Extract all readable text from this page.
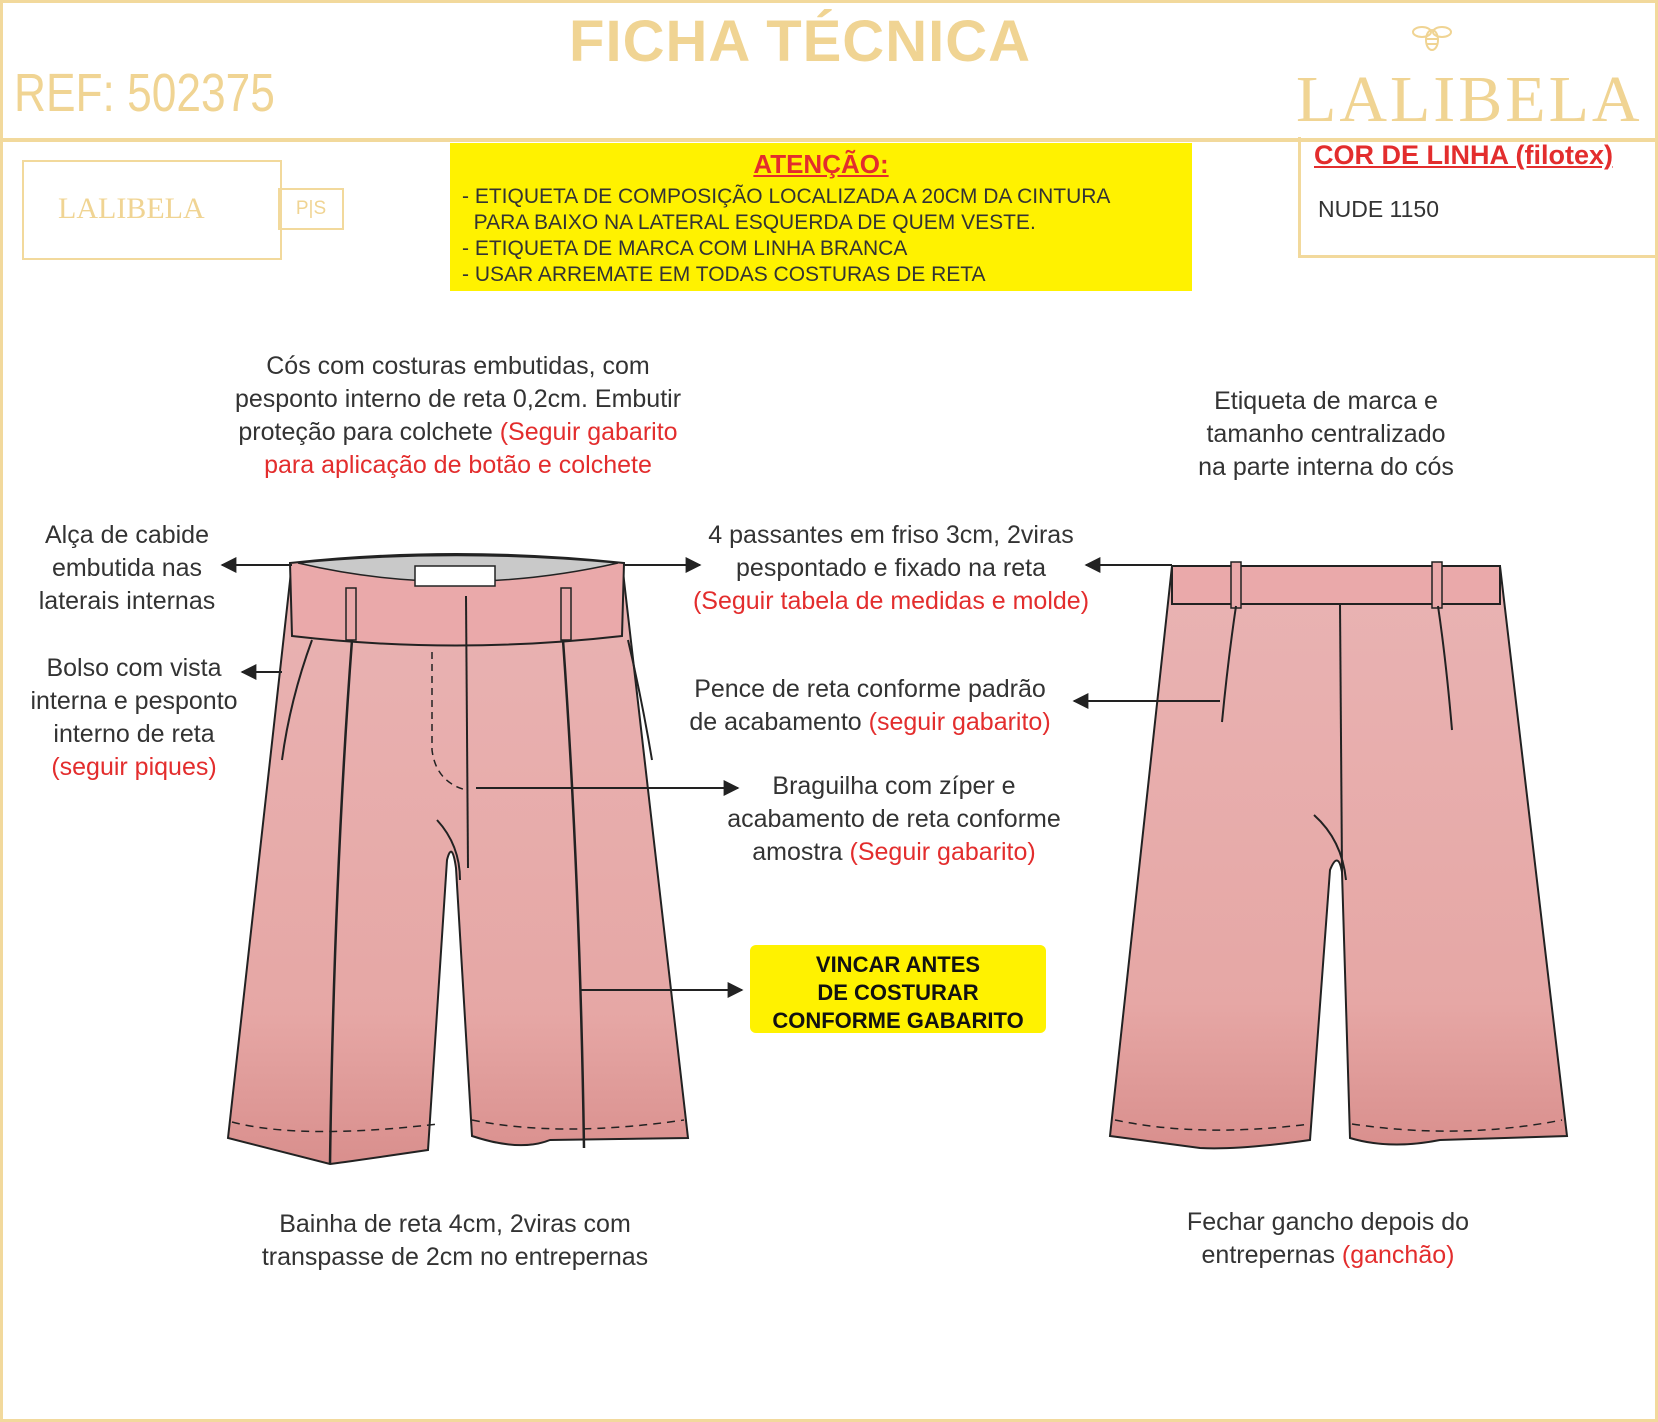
FICHA TÉCNICA
REF: 502375	LALIBELA
LALIBELA	P|S
ATENÇÃO:
- ETIQUETA DE COMPOSIÇÃO LOCALIZADA A 20CM DA CINTURA
PARA BAIXO NA LATERAL ESQUERDA DE QUEM VESTE.
- ETIQUETA DE MARCA COM LINHA BRANCA
- USAR ARREMATE EM TODAS COSTURAS DE RETA
COR DE LINHA (filotex)
NUDE 1150
Cós com costuras embutidas, com
pesponto interno de reta 0,2cm. Embutir
proteção para colchete (Seguir gabarito
para aplicação de botão e colchete
Etiqueta de marca e
tamanho centralizado
na parte interna do cós
Alça de cabide
embutida nas
laterais internas
4 passantes em friso 3cm, 2viras
pespontado e fixado na reta
(Seguir tabela de medidas e molde)
Bolso com vista
interna e pesponto
interno de reta
(seguir piques)
Pence de reta conforme padrão
de acabamento (seguir gabarito)
Braguilha com zíper e
acabamento de reta conforme
amostra (Seguir gabarito)
VINCAR ANTES
DE COSTURAR
CONFORME GABARITO
Bainha de reta 4cm, 2viras com
transpasse de 2cm no entrepernas
Fechar gancho depois do
entrepernas (ganchão)
